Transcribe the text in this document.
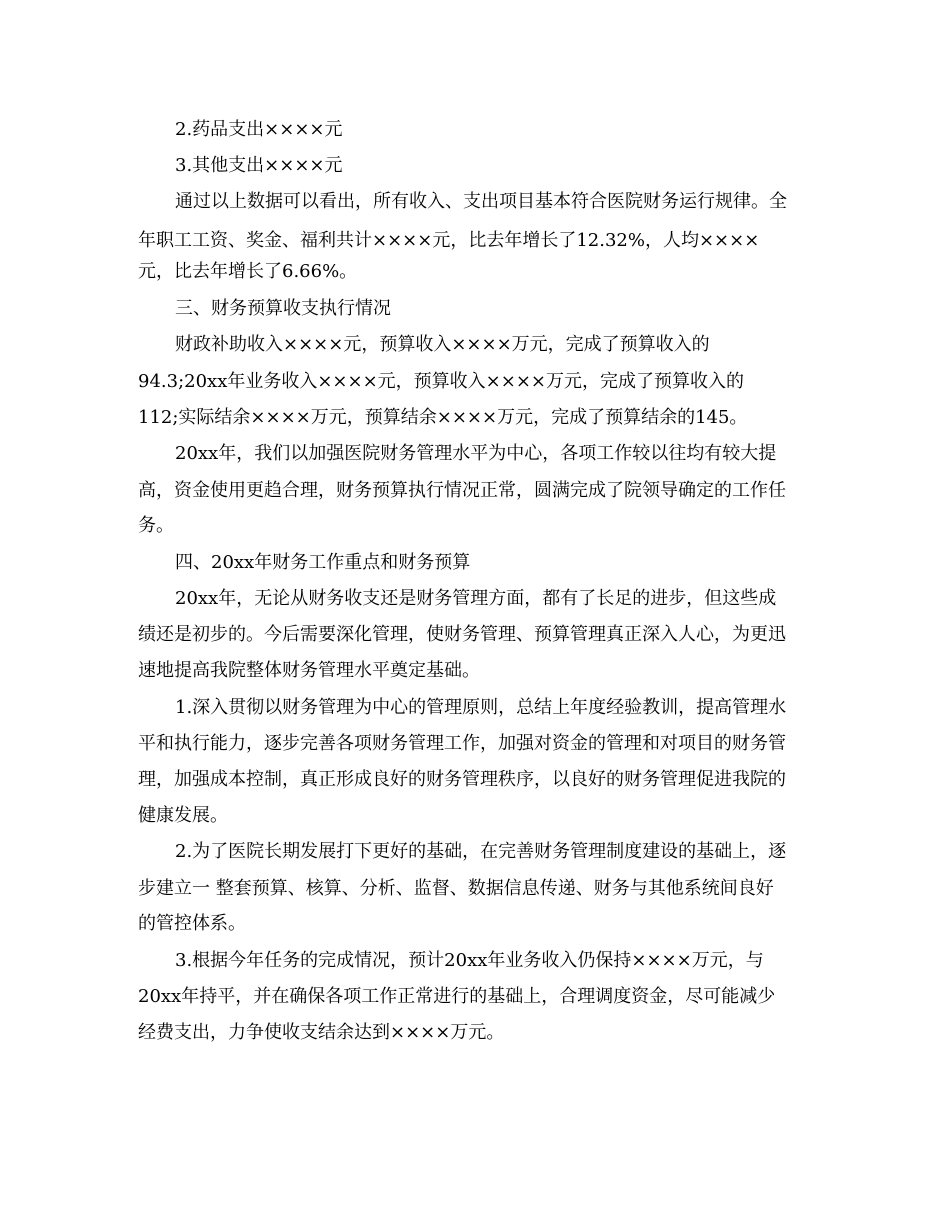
2.药品支出××××元
3.其他支出××××元
通过以上数据可以看出，所有收入、支出项目基本符合医院财务运行规律。全
年职工工资、奖金、福利共计××××元，比去年增长了12.32%，人均××××
元，比去年增长了6.66%。
三、财务预算收支执行情况
财政补助收入××××元，预算收入××××万元，完成了预算收入的
94.3;20xx年业务收入××××元，预算收入××××万元，完成了预算收入的
112;实际结余××××万元，预算结余××××万元，完成了预算结余的145。
20xx年，我们以加强医院财务管理水平为中心，各项工作较以往均有较大提
高，资金使用更趋合理，财务预算执行情况正常，圆满完成了院领导确定的工作任
务。
四、20xx年财务工作重点和财务预算
20xx年，无论从财务收支还是财务管理方面，都有了长足的进步，但这些成
绩还是初步的。今后需要深化管理，使财务管理、预算管理真正深入人心，为更迅
速地提高我院整体财务管理水平奠定基础。
1.深入贯彻以财务管理为中心的管理原则，总结上年度经验教训，提高管理水
平和执行能力，逐步完善各项财务管理工作，加强对资金的管理和对项目的财务管
理，加强成本控制，真正形成良好的财务管理秩序，以良好的财务管理促进我院的
健康发展。
2.为了医院长期发展打下更好的基础，在完善财务管理制度建设的基础上，逐
步建立一 整套预算、核算、分析、监督、数据信息传递、财务与其他系统间良好
的管控体系。
3.根据今年任务的完成情况，预计20xx年业务收入仍保持××××万元，与
20xx年持平，并在确保各项工作正常进行的基础上，合理调度资金，尽可能减少
经费支出，力争使收支结余达到××××万元。
